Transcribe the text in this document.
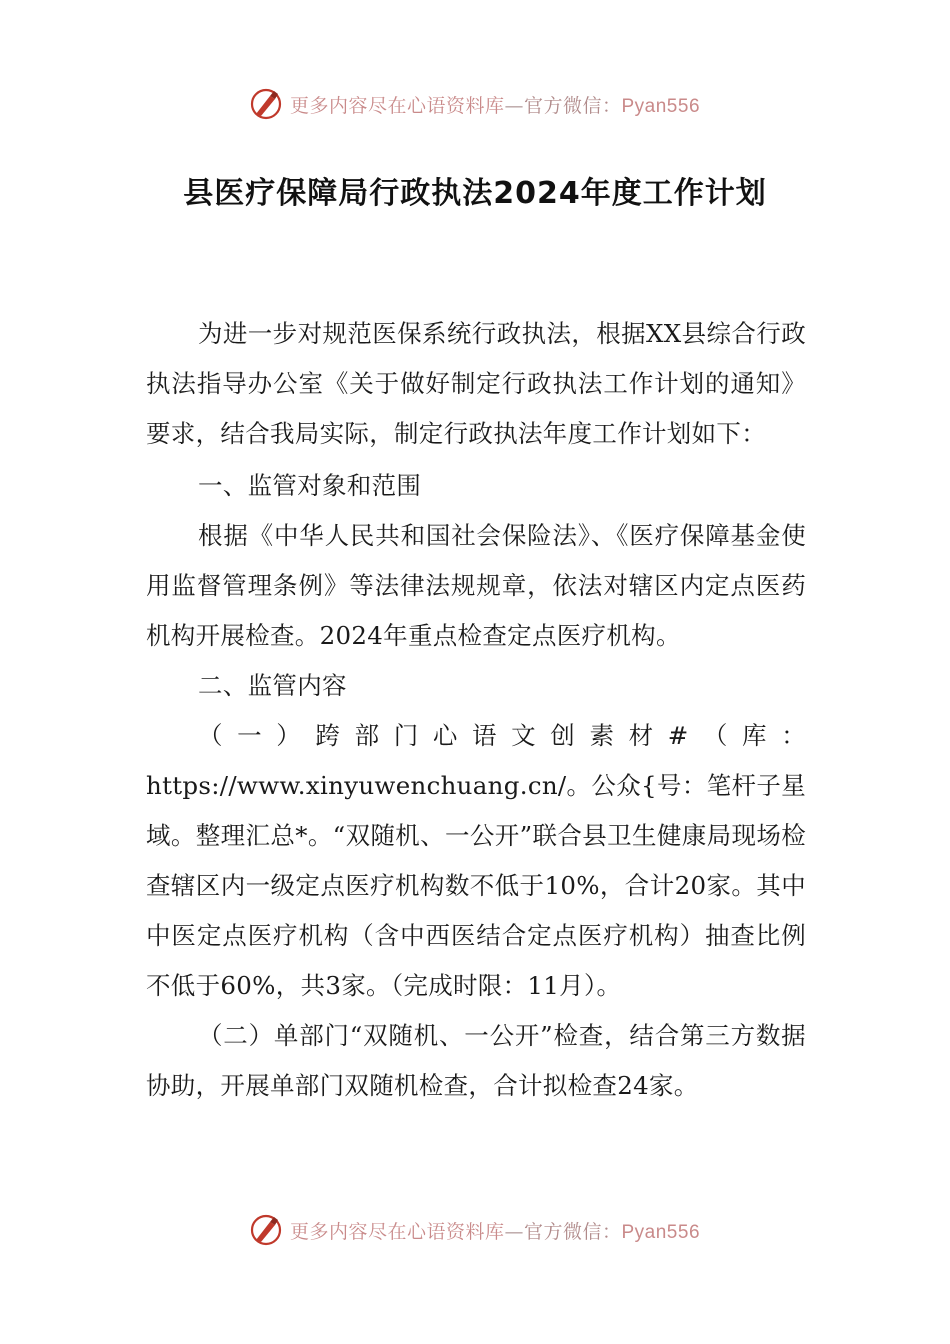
更多内容尽在心语资料库—官方微信：Pyan556
县医疗保障局行政执法2024年度工作计划

为进一步对规范医保系统行政执法，根据XX县综合行政执法指导办公室《关于做好制定行政执法工作计划的通知》要求，结合我局实际，制定行政执法年度工作计划如下：

一、监管对象和范围

根据《中华人民共和国社会保险法》、《医疗保障基金使用监督管理条例》等法律法规规章，依法对辖区内定点医药机构开展检查。2024年重点检查定点医疗机构。

二、监管内容

（一）跨部门心语文创素材#（库：https://www.xinyuwenchuang.cn/。公众{号：笔杆子星域。整理汇总*。“双随机、一公开”联合县卫生健康局现场检查辖区内一级定点医疗机构数不低于10%，合计20家。其中中医定点医疗机构（含中西医结合定点医疗机构）抽查比例不低于60%，共3家。（完成时限：11月）。

（二）单部门“双随机、一公开”检查，结合第三方数据协助，开展单部门双随机检查，合计拟检查24家。

更多内容尽在心语资料库—官方微信：Pyan556
